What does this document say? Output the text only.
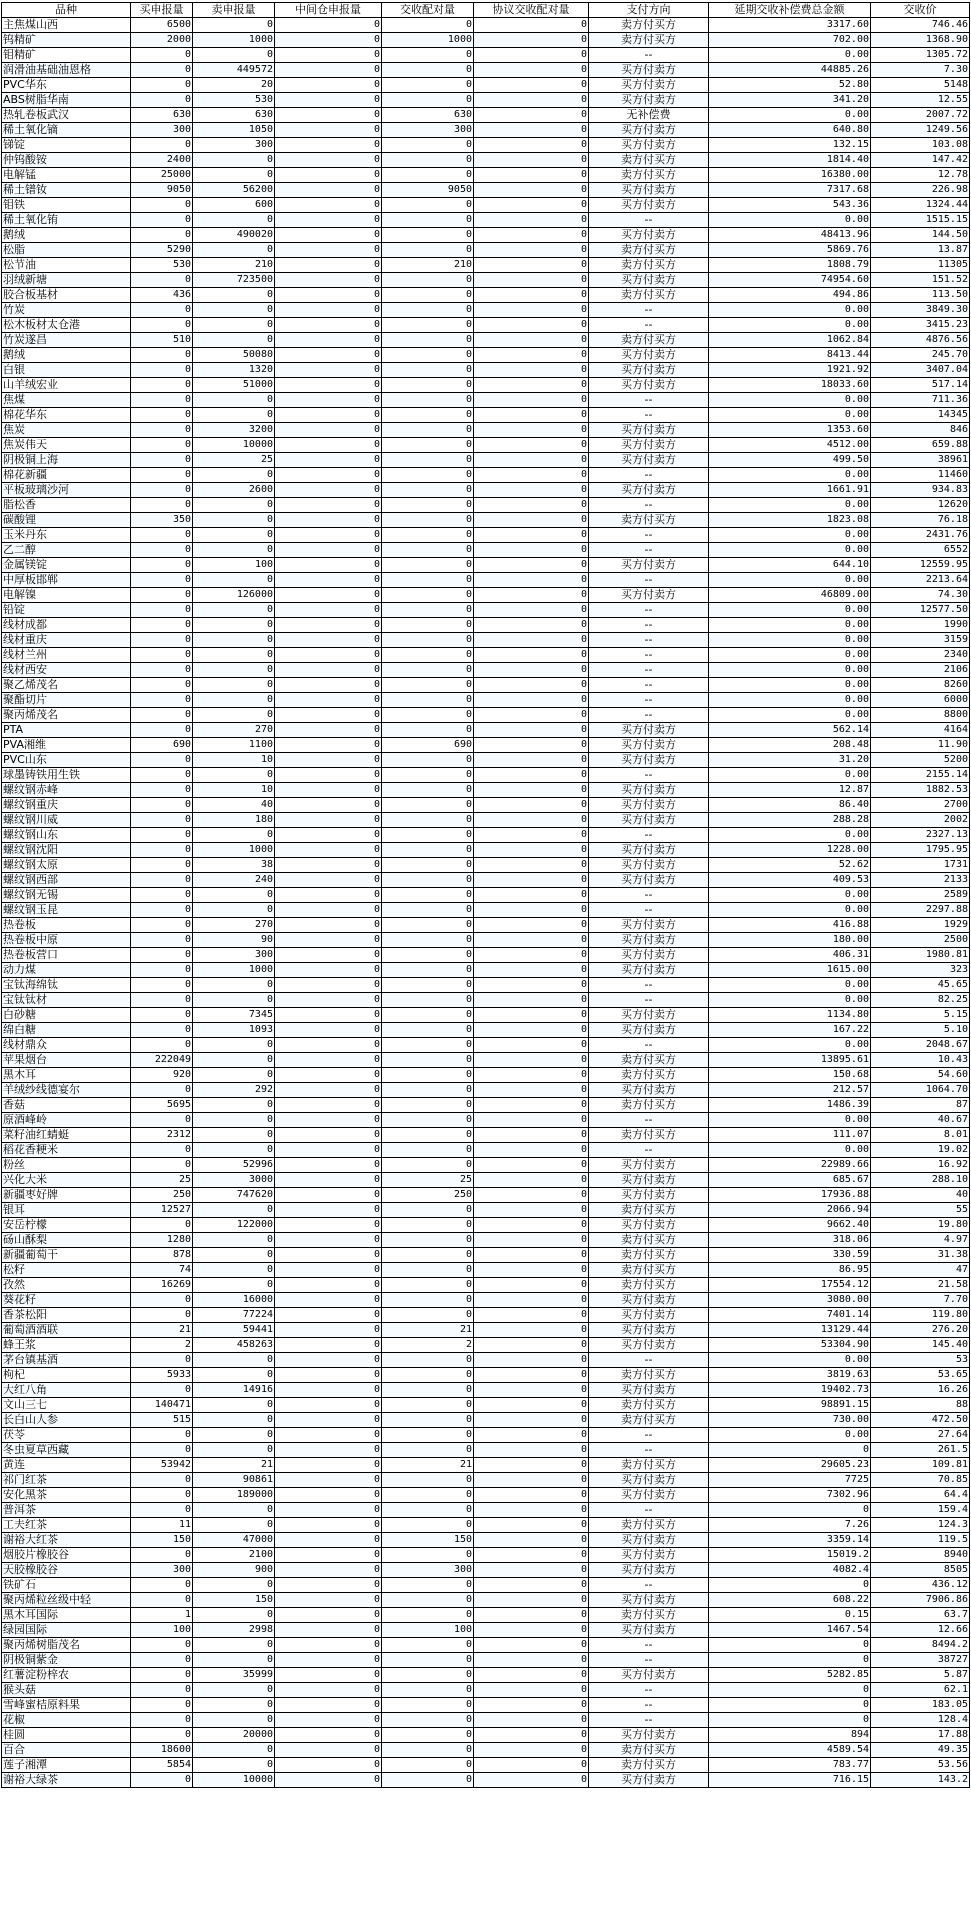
品种	买申报量	卖申报量	中间仓申报量	交收配对量	协议交收配对量	支付方向	延期交收补偿费总金额	交收价
主焦煤山西	6500	0	0	0	0	卖方付买方	3317.60	746.46
钨精矿	2000	1000	0	1000	0	卖方付买方	702.00	1368.90
钼精矿	0	0	0	0	0	--	0.00	1305.72
润滑油基础油恩格	0	449572	0	0	0	买方付卖方	44885.26	7.30
PVC华东	0	20	0	0	0	买方付卖方	52.80	5148
ABS树脂华南	0	530	0	0	0	买方付卖方	341.20	12.55
热轧卷板武汉	630	630	0	630	0	无补偿费	0.00	2007.72
稀土氧化镝	300	1050	0	300	0	买方付卖方	640.80	1249.56
锑锭	0	300	0	0	0	买方付卖方	132.15	103.08
仲钨酸铵	2400	0	0	0	0	卖方付买方	1814.40	147.42
电解锰	25000	0	0	0	0	卖方付买方	16380.00	12.78
稀土镨钕	9050	56200	0	9050	0	买方付卖方	7317.68	226.98
钼铁	0	600	0	0	0	买方付卖方	543.36	1324.44
稀土氧化铕	0	0	0	0	0	--	0.00	1515.15
鹅绒	0	490020	0	0	0	买方付卖方	48413.96	144.50
松脂	5290	0	0	0	0	卖方付买方	5869.76	13.87
松节油	530	210	0	210	0	卖方付买方	1808.79	11305
羽绒新塘	0	723500	0	0	0	买方付卖方	74954.60	151.52
胶合板基材	436	0	0	0	0	卖方付买方	494.86	113.50
竹炭	0	0	0	0	0	--	0.00	3849.30
松木板材太仓港	0	0	0	0	0	--	0.00	3415.23
竹炭遂昌	510	0	0	0	0	卖方付买方	1062.84	4876.56
鹅绒	0	50080	0	0	0	买方付卖方	8413.44	245.70
白银	0	1320	0	0	0	买方付卖方	1921.92	3407.04
山羊绒宏业	0	51000	0	0	0	买方付卖方	18033.60	517.14
焦煤	0	0	0	0	0	--	0.00	711.36
棉花华东	0	0	0	0	0	--	0.00	14345
焦炭	0	3200	0	0	0	买方付卖方	1353.60	846
焦炭伟天	0	10000	0	0	0	买方付卖方	4512.00	659.88
阴极铜上海	0	25	0	0	0	买方付卖方	499.50	38961
棉花新疆	0	0	0	0	0	--	0.00	11460
平板玻璃沙河	0	2600	0	0	0	买方付卖方	1661.91	934.83
脂松香	0	0	0	0	0	--	0.00	12620
碳酸锂	350	0	0	0	0	卖方付买方	1823.08	76.18
玉米丹东	0	0	0	0	0	--	0.00	2431.76
乙二醇	0	0	0	0	0	--	0.00	6552
金属镁锭	0	100	0	0	0	买方付卖方	644.10	12559.95
中厚板邯郸	0	0	0	0	0	--	0.00	2213.64
电解镍	0	126000	0	0	0	买方付卖方	46809.00	74.30
铅锭	0	0	0	0	0	--	0.00	12577.50
线材成都	0	0	0	0	0	--	0.00	1990
线材重庆	0	0	0	0	0	--	0.00	3159
线材兰州	0	0	0	0	0	--	0.00	2340
线材西安	0	0	0	0	0	--	0.00	2106
聚乙烯茂名	0	0	0	0	0	--	0.00	8260
聚酯切片	0	0	0	0	0	--	0.00	6000
聚丙烯茂名	0	0	0	0	0	--	0.00	8800
PTA	0	270	0	0	0	买方付卖方	562.14	4164
PVA湘维	690	1100	0	690	0	买方付卖方	208.48	11.90
PVC山东	0	10	0	0	0	买方付卖方	31.20	5200
球墨铸铁用生铁	0	0	0	0	0	--	0.00	2155.14
螺纹钢赤峰	0	10	0	0	0	买方付卖方	12.87	1882.53
螺纹钢重庆	0	40	0	0	0	买方付卖方	86.40	2700
螺纹钢川威	0	180	0	0	0	买方付卖方	288.28	2002
螺纹钢山东	0	0	0	0	0	--	0.00	2327.13
螺纹钢沈阳	0	1000	0	0	0	买方付卖方	1228.00	1795.95
螺纹钢太原	0	38	0	0	0	买方付卖方	52.62	1731
螺纹钢西部	0	240	0	0	0	买方付卖方	409.53	2133
螺纹钢无锡	0	0	0	0	0	--	0.00	2589
螺纹钢玉昆	0	0	0	0	0	--	0.00	2297.88
热卷板	0	270	0	0	0	买方付卖方	416.88	1929
热卷板中原	0	90	0	0	0	买方付卖方	180.00	2500
热卷板营口	0	300	0	0	0	买方付卖方	406.31	1980.81
动力煤	0	1000	0	0	0	买方付卖方	1615.00	323
宝钛海绵钛	0	0	0	0	0	--	0.00	45.65
宝钛钛材	0	0	0	0	0	--	0.00	82.25
白砂糖	0	7345	0	0	0	买方付卖方	1134.80	5.15
绵白糖	0	1093	0	0	0	买方付卖方	167.22	5.10
线材鼎众	0	0	0	0	0	--	0.00	2048.67
苹果烟台	222049	0	0	0	0	卖方付买方	13895.61	10.43
黑木耳	920	0	0	0	0	卖方付买方	150.68	54.60
羊绒纱线德宴尔	0	292	0	0	0	买方付卖方	212.57	1064.70
香菇	5695	0	0	0	0	卖方付买方	1486.39	87
原酒峰岭	0	0	0	0	0	--	0.00	40.67
菜籽油红蜻蜓	2312	0	0	0	0	卖方付买方	111.07	8.01
稻花香粳米	0	0	0	0	0	--	0.00	19.02
粉丝	0	52996	0	0	0	买方付卖方	22989.66	16.92
兴化大米	25	3000	0	25	0	买方付卖方	685.67	288.10
新疆枣好牌	250	747620	0	250	0	买方付卖方	17936.88	40
银耳	12527	0	0	0	0	卖方付买方	2066.94	55
安岳柠檬	0	122000	0	0	0	买方付卖方	9662.40	19.80
砀山酥梨	1280	0	0	0	0	卖方付买方	318.06	4.97
新疆葡萄干	878	0	0	0	0	卖方付买方	330.59	31.38
松籽	74	0	0	0	0	卖方付买方	86.95	47
孜然	16269	0	0	0	0	卖方付买方	17554.12	21.58
葵花籽	0	16000	0	0	0	买方付卖方	3080.00	7.70
香茶松阳	0	77224	0	0	0	买方付卖方	7401.14	119.80
葡萄酒酒联	21	59441	0	21	0	买方付卖方	13129.44	276.20
蜂王浆	2	458263	0	2	0	买方付卖方	53304.90	145.40
茅台镇基酒	0	0	0	0	0	--	0.00	53
枸杞	5933	0	0	0	0	卖方付买方	3819.63	53.65
大红八角	0	14916	0	0	0	买方付卖方	19402.73	16.26
文山三七	140471	0	0	0	0	卖方付买方	98891.15	88
长白山人参	515	0	0	0	0	卖方付买方	730.00	472.50
茯苓	0	0	0	0	0	--	0.00	27.64
冬虫夏草西藏	0	0	0	0	0	--	0	261.5
黄连	53942	21	0	21	0	卖方付买方	29605.23	109.81
祁门红茶	0	90861	0	0	0	买方付卖方	7725	70.85
安化黑茶	0	189000	0	0	0	买方付卖方	7302.96	64.4
普洱茶	0	0	0	0	0	--	0	159.4
工夫红茶	11	0	0	0	0	卖方付买方	7.26	124.3
谢裕大红茶	150	47000	0	150	0	买方付卖方	3359.14	119.5
烟胶片橡胶谷	0	2100	0	0	0	买方付卖方	15019.2	8940
天胶橡胶谷	300	900	0	300	0	买方付卖方	4082.4	8505
铁矿石	0	0	0	0	0	--	0	436.12
聚丙烯粒丝级中轻	0	150	0	0	0	买方付卖方	608.22	7906.86
黑木耳国际	1	0	0	0	0	卖方付买方	0.15	63.7
绿园国际	100	2998	0	100	0	买方付卖方	1467.54	12.66
聚丙烯树脂茂名	0	0	0	0	0	--	0	8494.2
阴极铜紫金	0	0	0	0	0	--	0	38727
红薯淀粉梓农	0	35999	0	0	0	买方付卖方	5282.85	5.87
猴头菇	0	0	0	0	0	--	0	62.1
雪峰蜜桔原料果	0	0	0	0	0	--	0	183.05
花椒	0	0	0	0	0	--	0	128.4
桂圆	0	20000	0	0	0	买方付卖方	894	17.88
百合	18600	0	0	0	0	卖方付买方	4589.54	49.35
莲子湘潭	5854	0	0	0	0	卖方付买方	783.77	53.56
谢裕大绿茶	0	10000	0	0	0	买方付卖方	716.15	143.2
